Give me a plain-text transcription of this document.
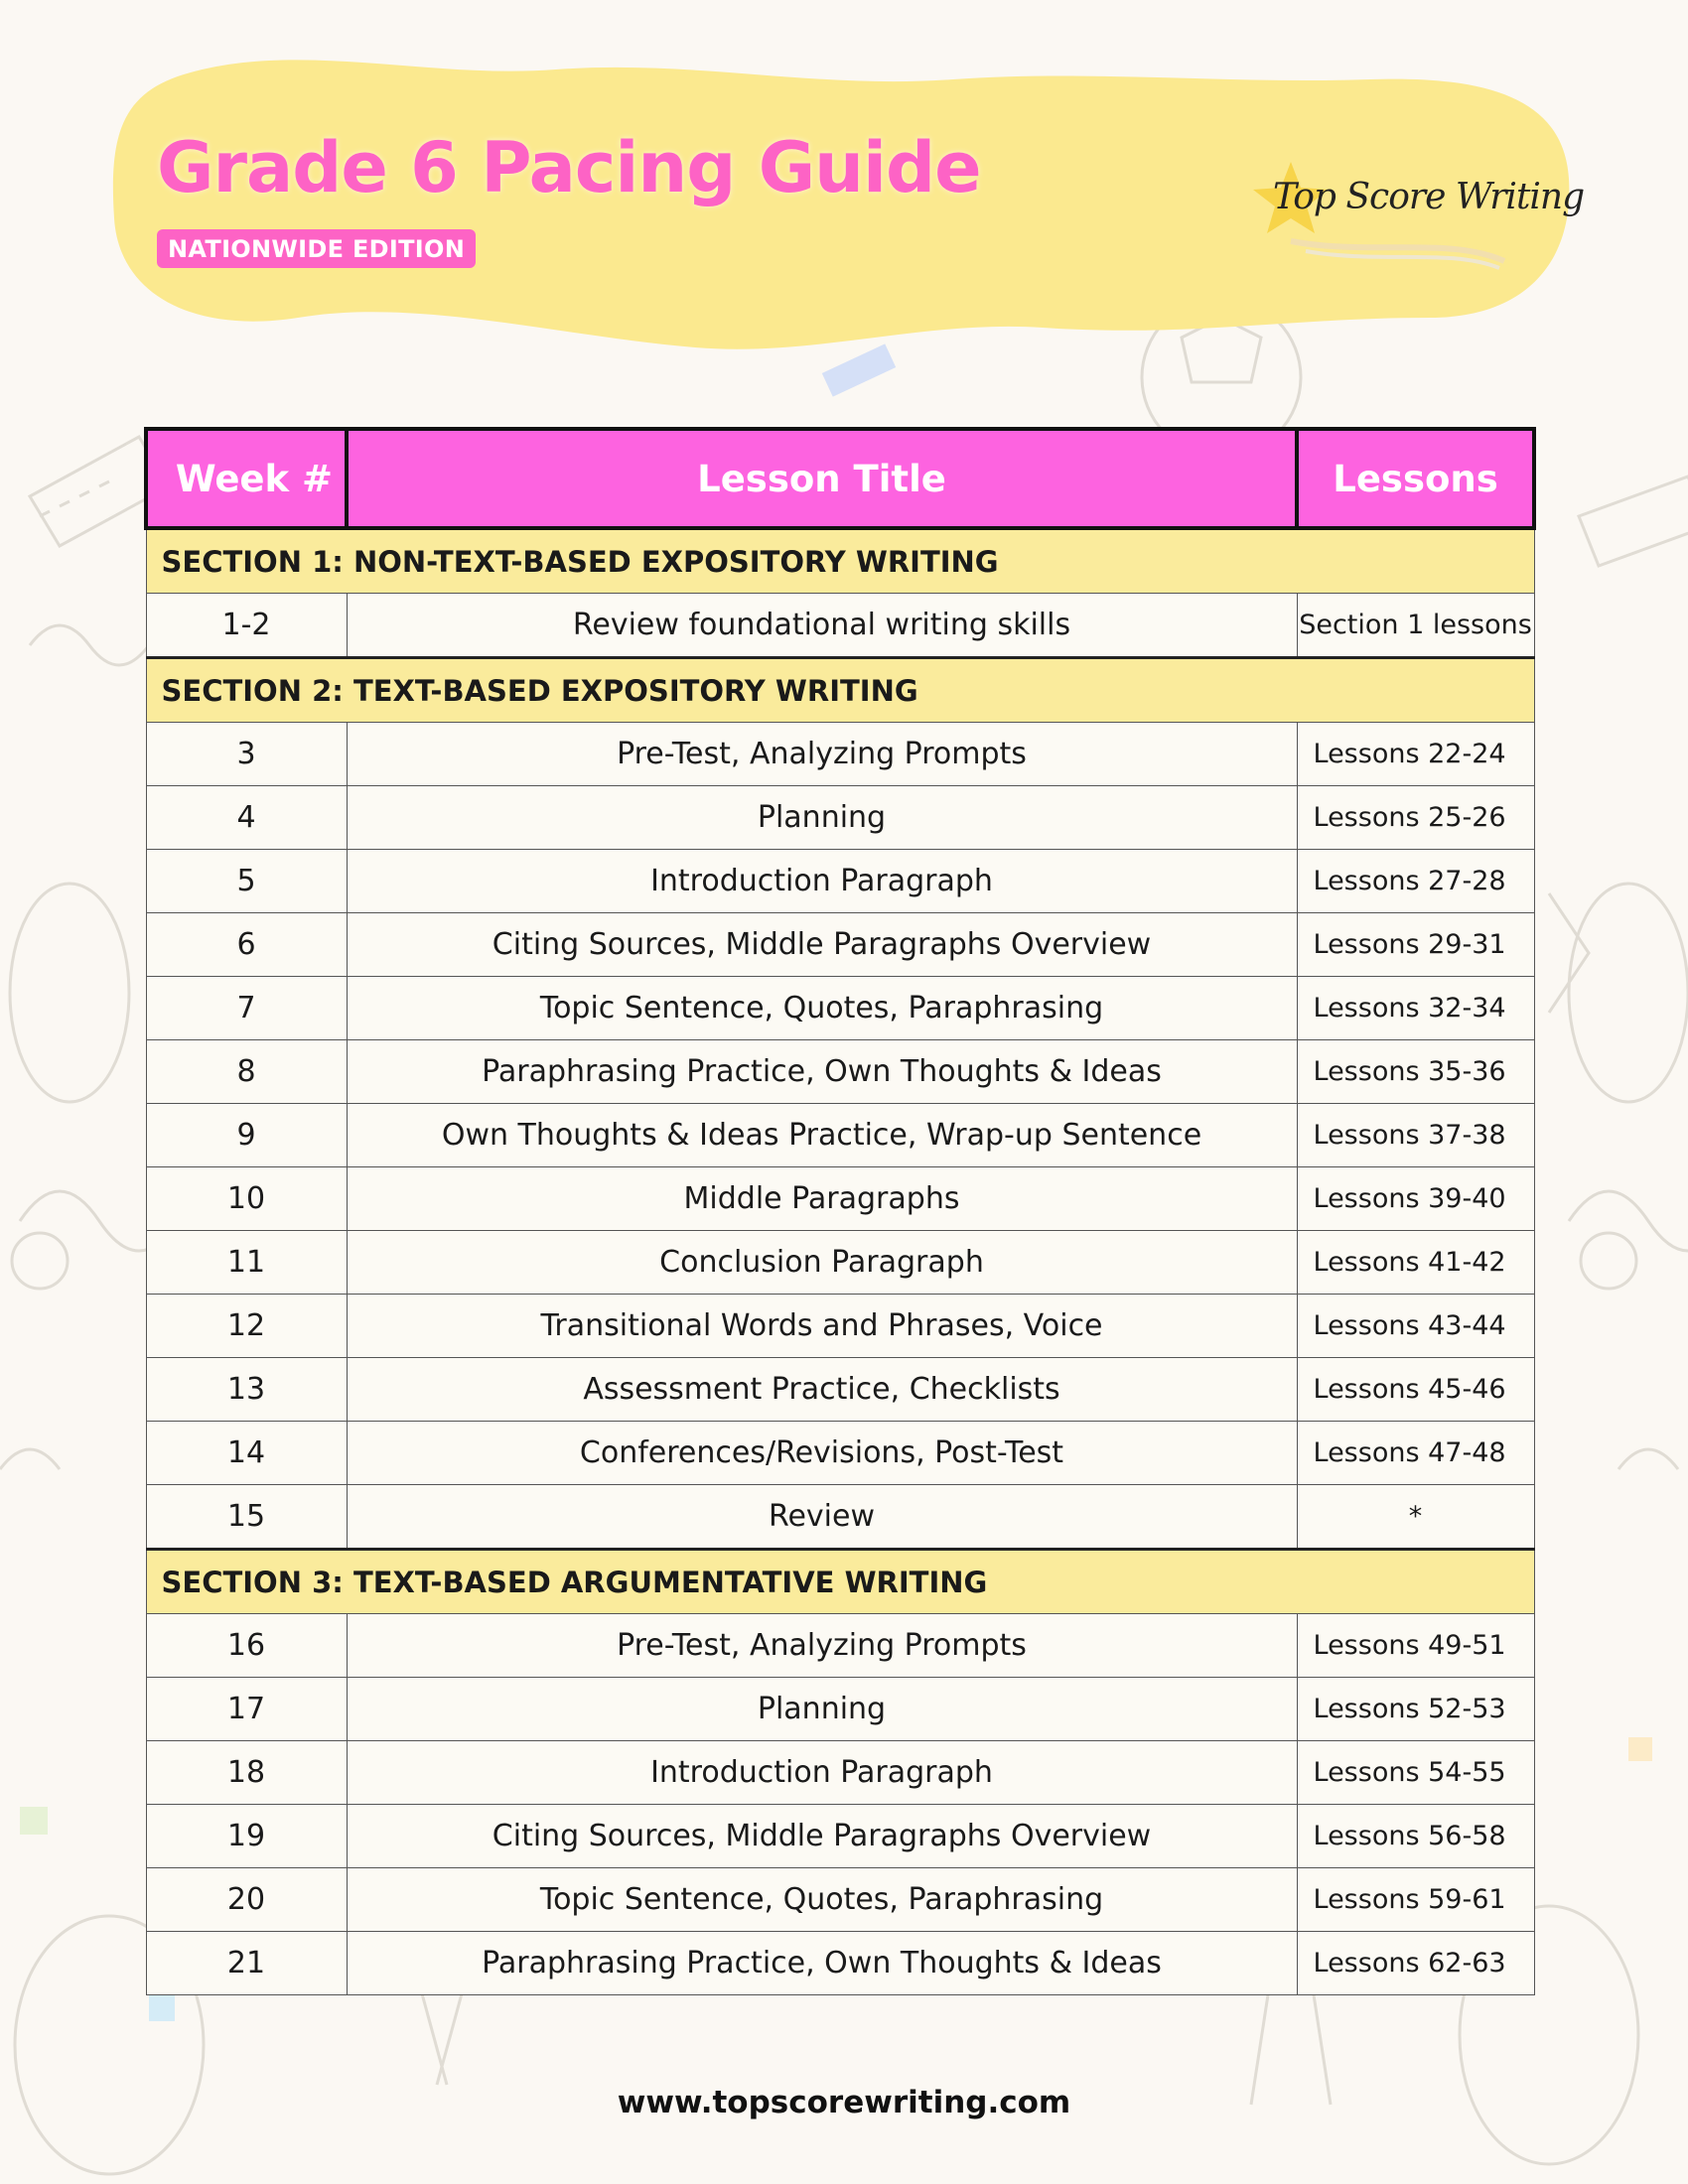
Grade 6 Pacing Guide
NATIONWIDE EDITION
Top Score Writing
Week #	Lesson Title	Lessons
SECTION 1: NON-TEXT-BASED EXPOSITORY WRITING		
1-2	Review foundational writing skills	Section 1 lessons
SECTION 2: TEXT-BASED EXPOSITORY WRITING		
3	Pre-Test, Analyzing Prompts	Lessons 22-24
4	Planning	Lessons 25-26
5	Introduction Paragraph	Lessons 27-28
6	Citing Sources, Middle Paragraphs Overview	Lessons 29-31
7	Topic Sentence, Quotes, Paraphrasing	Lessons 32-34
8	Paraphrasing Practice, Own Thoughts & Ideas	Lessons 35-36
9	Own Thoughts & Ideas Practice, Wrap-up Sentence	Lessons 37-38
10	Middle Paragraphs	Lessons 39-40
11	Conclusion Paragraph	Lessons 41-42
12	Transitional Words and Phrases, Voice	Lessons 43-44
13	Assessment Practice, Checklists	Lessons 45-46
14	Conferences/Revisions, Post-Test	Lessons 47-48
15	Review	*
SECTION 3: TEXT-BASED ARGUMENTATIVE WRITING		
16	Pre-Test, Analyzing Prompts	Lessons 49-51
17	Planning	Lessons 52-53
18	Introduction Paragraph	Lessons 54-55
19	Citing Sources, Middle Paragraphs Overview	Lessons 56-58
20	Topic Sentence, Quotes, Paraphrasing	Lessons 59-61
21	Paraphrasing Practice, Own Thoughts & Ideas	Lessons 62-63
www.topscorewriting.com
